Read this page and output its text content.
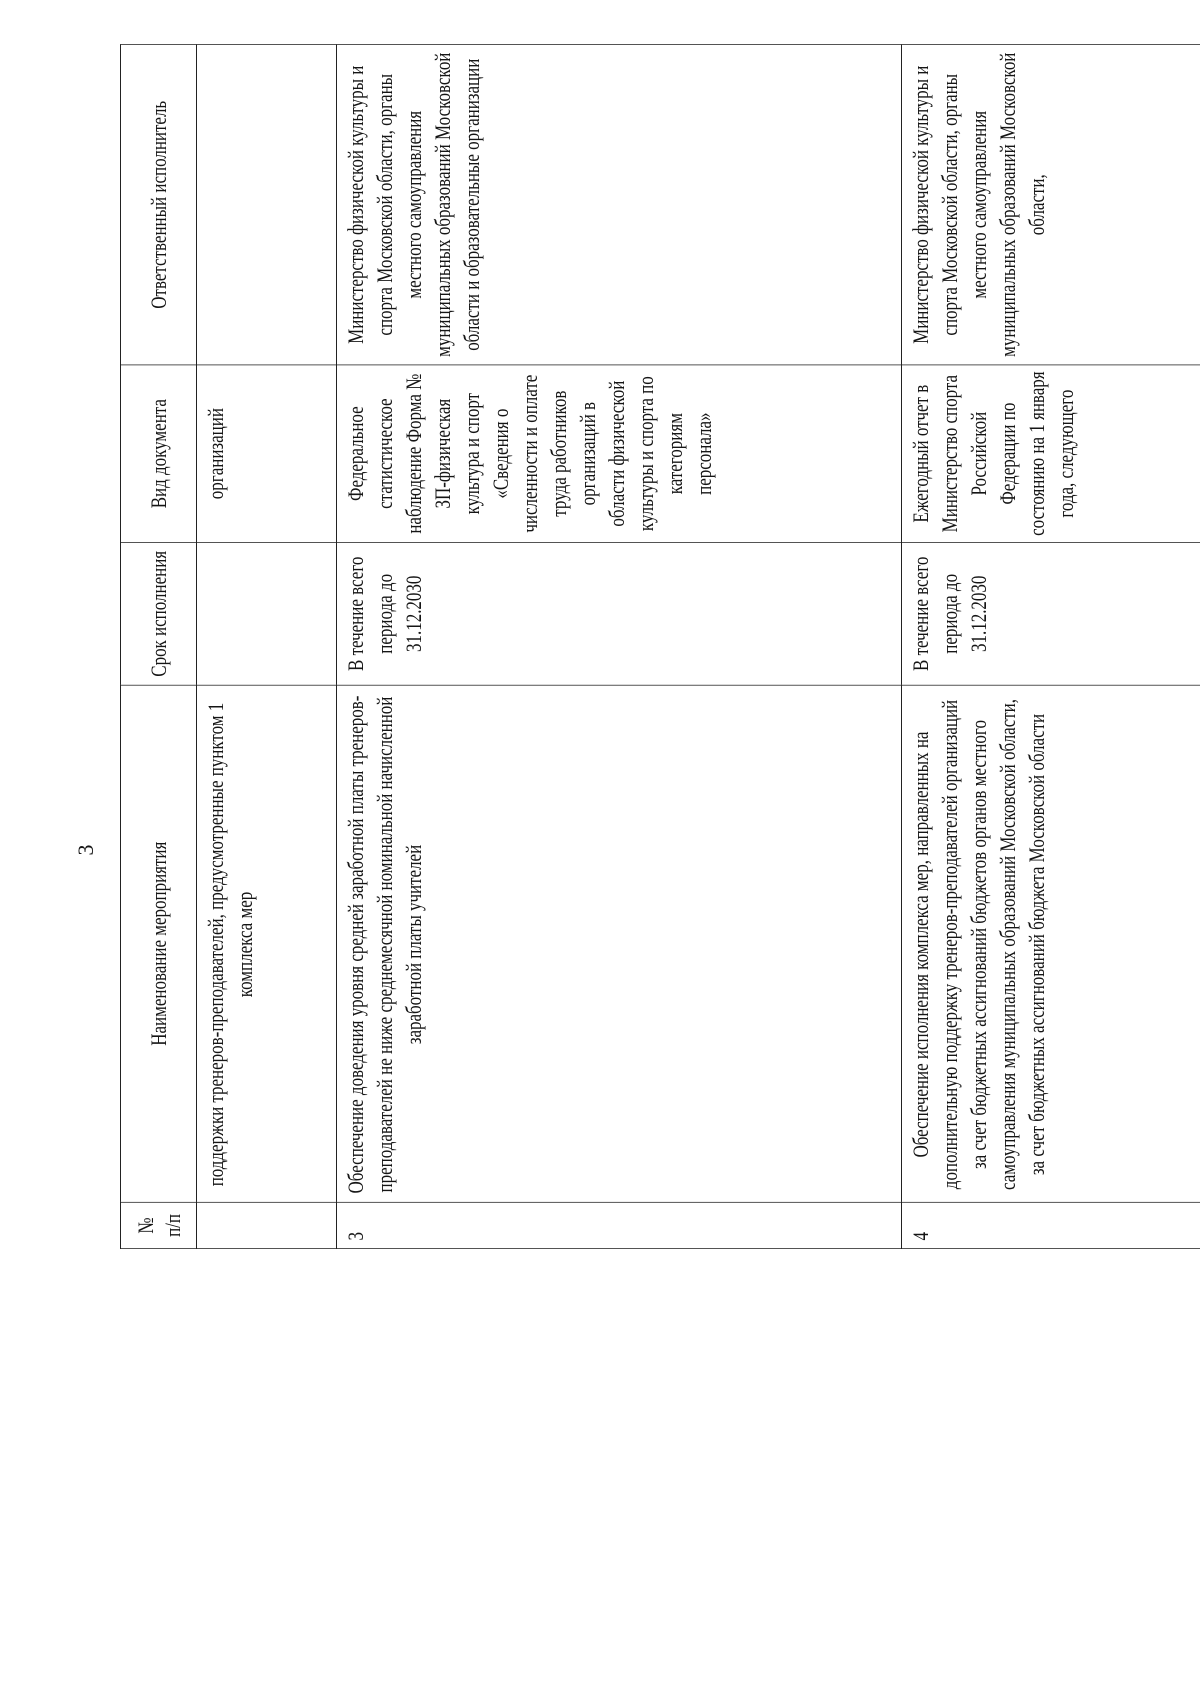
3
№ п/п	Наименование мероприятия	Срок исполнения	Вид документа	Ответственный исполнитель
	поддержки тренеров-преподавателей, предусмотренные пунктом 1 комплекса мер		организаций	
3	Обеспечение доведения уровня средней заработной платы тренеров-преподавателей не ниже среднемесячной номинальной начисленной заработной платы учителей	В течение всего периода до 31.12.2030	Федеральное статистическое наблюдение Форма № ЗП-физическая культура и спорт «Сведения о численности и оплате труда работников организаций в области физической культуры и спорта по категориям персонала»	Министерство физической культуры и спорта Московской области, органы местного самоуправления муниципальных образований Московской области и образовательные организации
4	Обеспечение исполнения комплекса мер, направленных на дополнительную поддержку тренеров-преподавателей организаций за счет бюджетных ассигнований бюджетов органов местного самоуправления муниципальных образований Московской области, за счет бюджетных ассигнований бюджета Московской области	В течение всего периода до 31.12.2030	Ежегодный отчет в Министерство спорта Российской Федерации по состоянию на 1 января года, следующего	Министерство физической культуры и спорта Московской области, органы местного самоуправления муниципальных образований Московской области,
